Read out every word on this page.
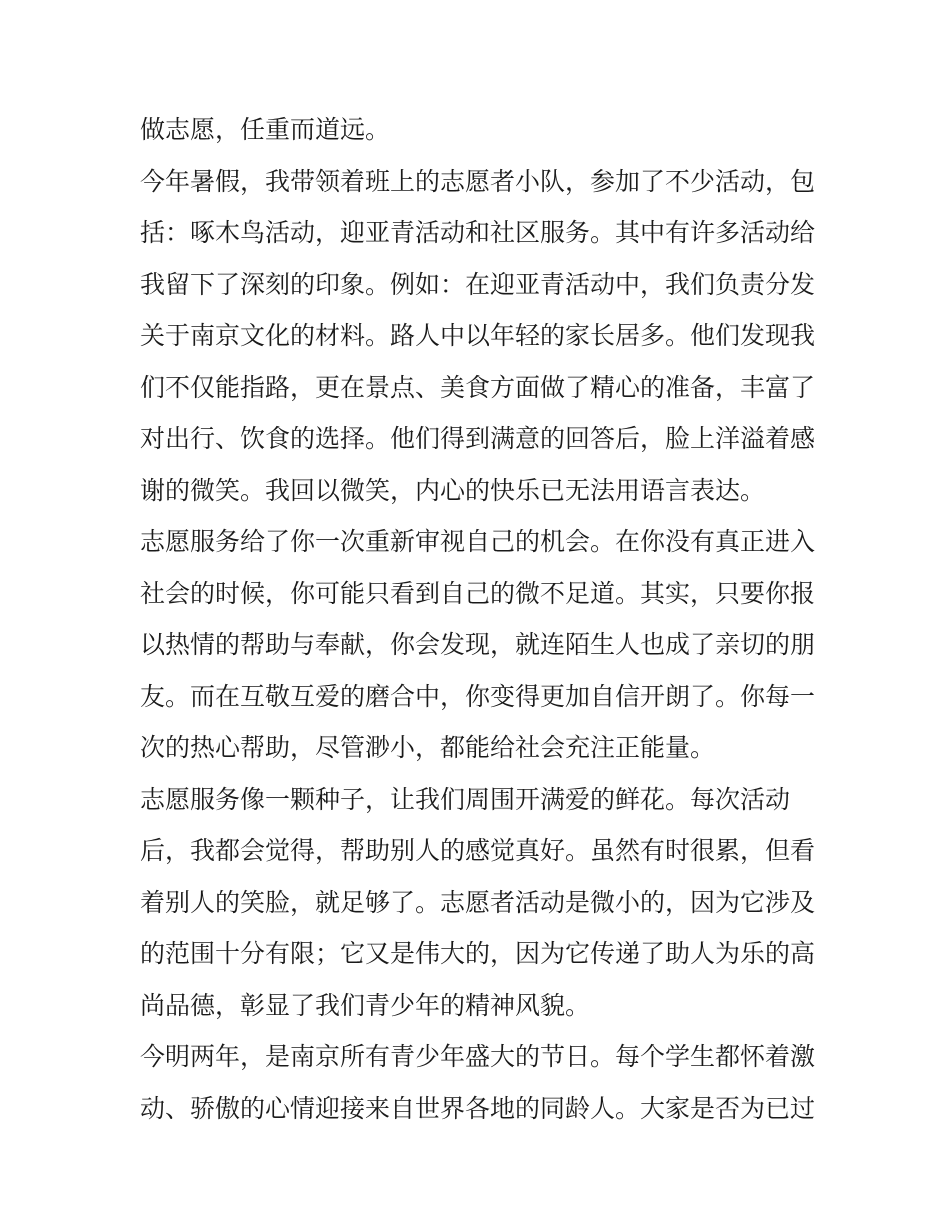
做志愿，任重而道远。
今年暑假，我带领着班上的志愿者小队，参加了不少活动，包
括：啄木鸟活动，迎亚青活动和社区服务。其中有许多活动给
我留下了深刻的印象。例如：在迎亚青活动中，我们负责分发
关于南京文化的材料。路人中以年轻的家长居多。他们发现我
们不仅能指路，更在景点、美食方面做了精心的准备，丰富了
对出行、饮食的选择。他们得到满意的回答后，脸上洋溢着感
谢的微笑。我回以微笑，内心的快乐已无法用语言表达。
志愿服务给了你一次重新审视自己的机会。在你没有真正进入
社会的时候，你可能只看到自己的微不足道。其实，只要你报
以热情的帮助与奉献，你会发现，就连陌生人也成了亲切的朋
友。而在互敬互爱的磨合中，你变得更加自信开朗了。你每一
次的热心帮助，尽管渺小，都能给社会充注正能量。
志愿服务像一颗种子，让我们周围开满爱的鲜花。每次活动
后，我都会觉得，帮助别人的感觉真好。虽然有时很累，但看
着别人的笑脸，就足够了。志愿者活动是微小的，因为它涉及
的范围十分有限；它又是伟大的，因为它传递了助人为乐的高
尚品德，彰显了我们青少年的精神风貌。
今明两年，是南京所有青少年盛大的节日。每个学生都怀着激
动、骄傲的心情迎接来自世界各地的同龄人。大家是否为已过
